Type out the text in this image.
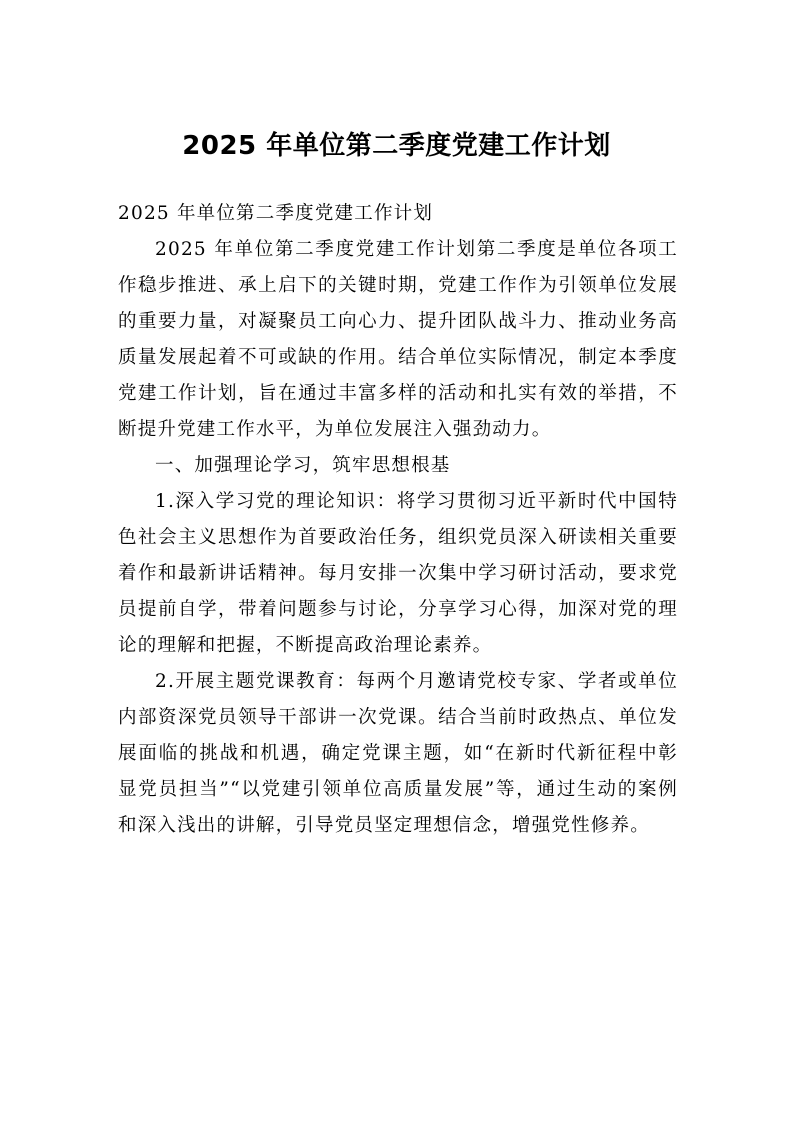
2025 年单位第二季度党建工作计划

2025 年单位第二季度党建工作计划

2025 年单位第二季度党建工作计划第二季度是单位各项工作稳步推进、承上启下的关键时期，党建工作作为引领单位发展的重要力量，对凝聚员工向心力、提升团队战斗力、推动业务高质量发展起着不可或缺的作用。结合单位实际情况，制定本季度党建工作计划，旨在通过丰富多样的活动和扎实有效的举措，不断提升党建工作水平，为单位发展注入强劲动力。

一、加强理论学习，筑牢思想根基

1.深入学习党的理论知识：将学习贯彻习近平新时代中国特色社会主义思想作为首要政治任务，组织党员深入研读相关重要着作和最新讲话精神。每月安排一次集中学习研讨活动，要求党员提前自学，带着问题参与讨论，分享学习心得，加深对党的理论的理解和把握，不断提高政治理论素养。

2.开展主题党课教育：每两个月邀请党校专家、学者或单位内部资深党员领导干部讲一次党课。结合当前时政热点、单位发展面临的挑战和机遇，确定党课主题，如“在新时代新征程中彰显党员担当”“以党建引领单位高质量发展”等，通过生动的案例和深入浅出的讲解，引导党员坚定理想信念，增强党性修养。
